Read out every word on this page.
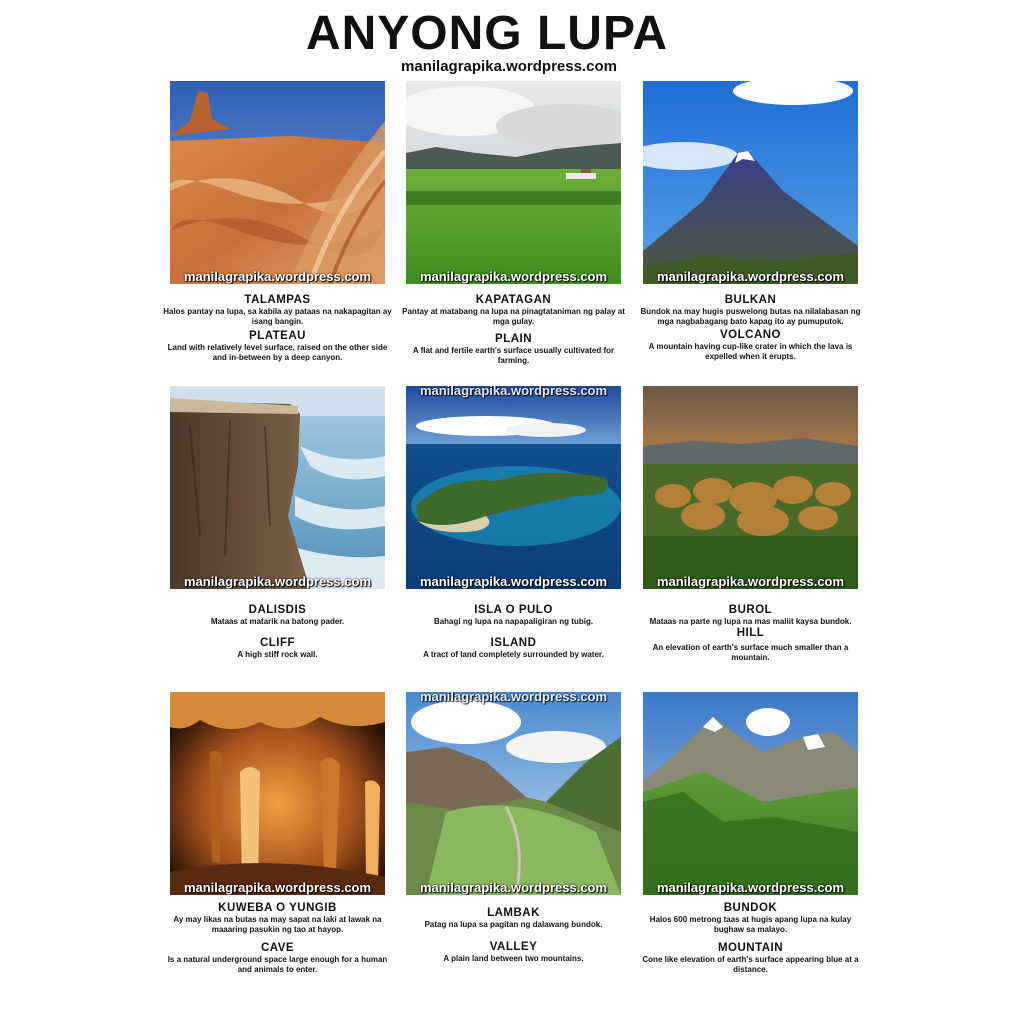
ANYONG LUPA
manilagrapika.wordpress.com
manilagrapika.wordpress.com
TALAMPAS
Halos pantay na lupa, sa kabila ay pataas na nakapagitan ay isang bangin.
PLATEAU
Land with relatively level surface, raised on the other side and in-between by a deep canyon.
manilagrapika.wordpress.com
KAPATAGAN
Pantay at matabang na lupa na pinagtataniman ng palay at mga gulay.
PLAIN
A flat and fertile earth's surface usually cultivated for farming.
manilagrapika.wordpress.com
BULKAN
Bundok na may hugis puswelong butas na nilalabasan ng mga nagbabagang bato kapag ito ay pumuputok.
VOLCANO
A mountain having cup-like crater in which the lava is expelled when it erupts.
manilagrapika.wordpress.com
DALISDIS
Mataas at matarik na batong pader.
CLIFF
A high stiff rock wall.
manilagrapika.wordpress.com
manilagrapika.wordpress.com
ISLA O PULO
Bahagi ng lupa na napapaligiran ng tubig.
ISLAND
A tract of land completely surrounded by water.
manilagrapika.wordpress.com
BUROL
Mataas na parte ng lupa na mas maliit kaysa bundok.
HILL
An elevation of earth's surface much smaller than a mountain.
manilagrapika.wordpress.com
KUWEBA O YUNGIB
Ay may likas na butas na may sapat na laki at lawak na maaaring pasukin ng tao at hayop.
CAVE
Is a natural underground space large enough for a human and animals to enter.
manilagrapika.wordpress.com
manilagrapika.wordpress.com
LAMBAK
Patag na lupa sa pagitan ng dalawang bundok.
VALLEY
A plain land between two mountains.
manilagrapika.wordpress.com
BUNDOK
Halos 600 metrong taas at hugis apang lupa na kulay bughaw sa malayo.
MOUNTAIN
Cone like elevation of earth's surface appearing blue at a distance.
